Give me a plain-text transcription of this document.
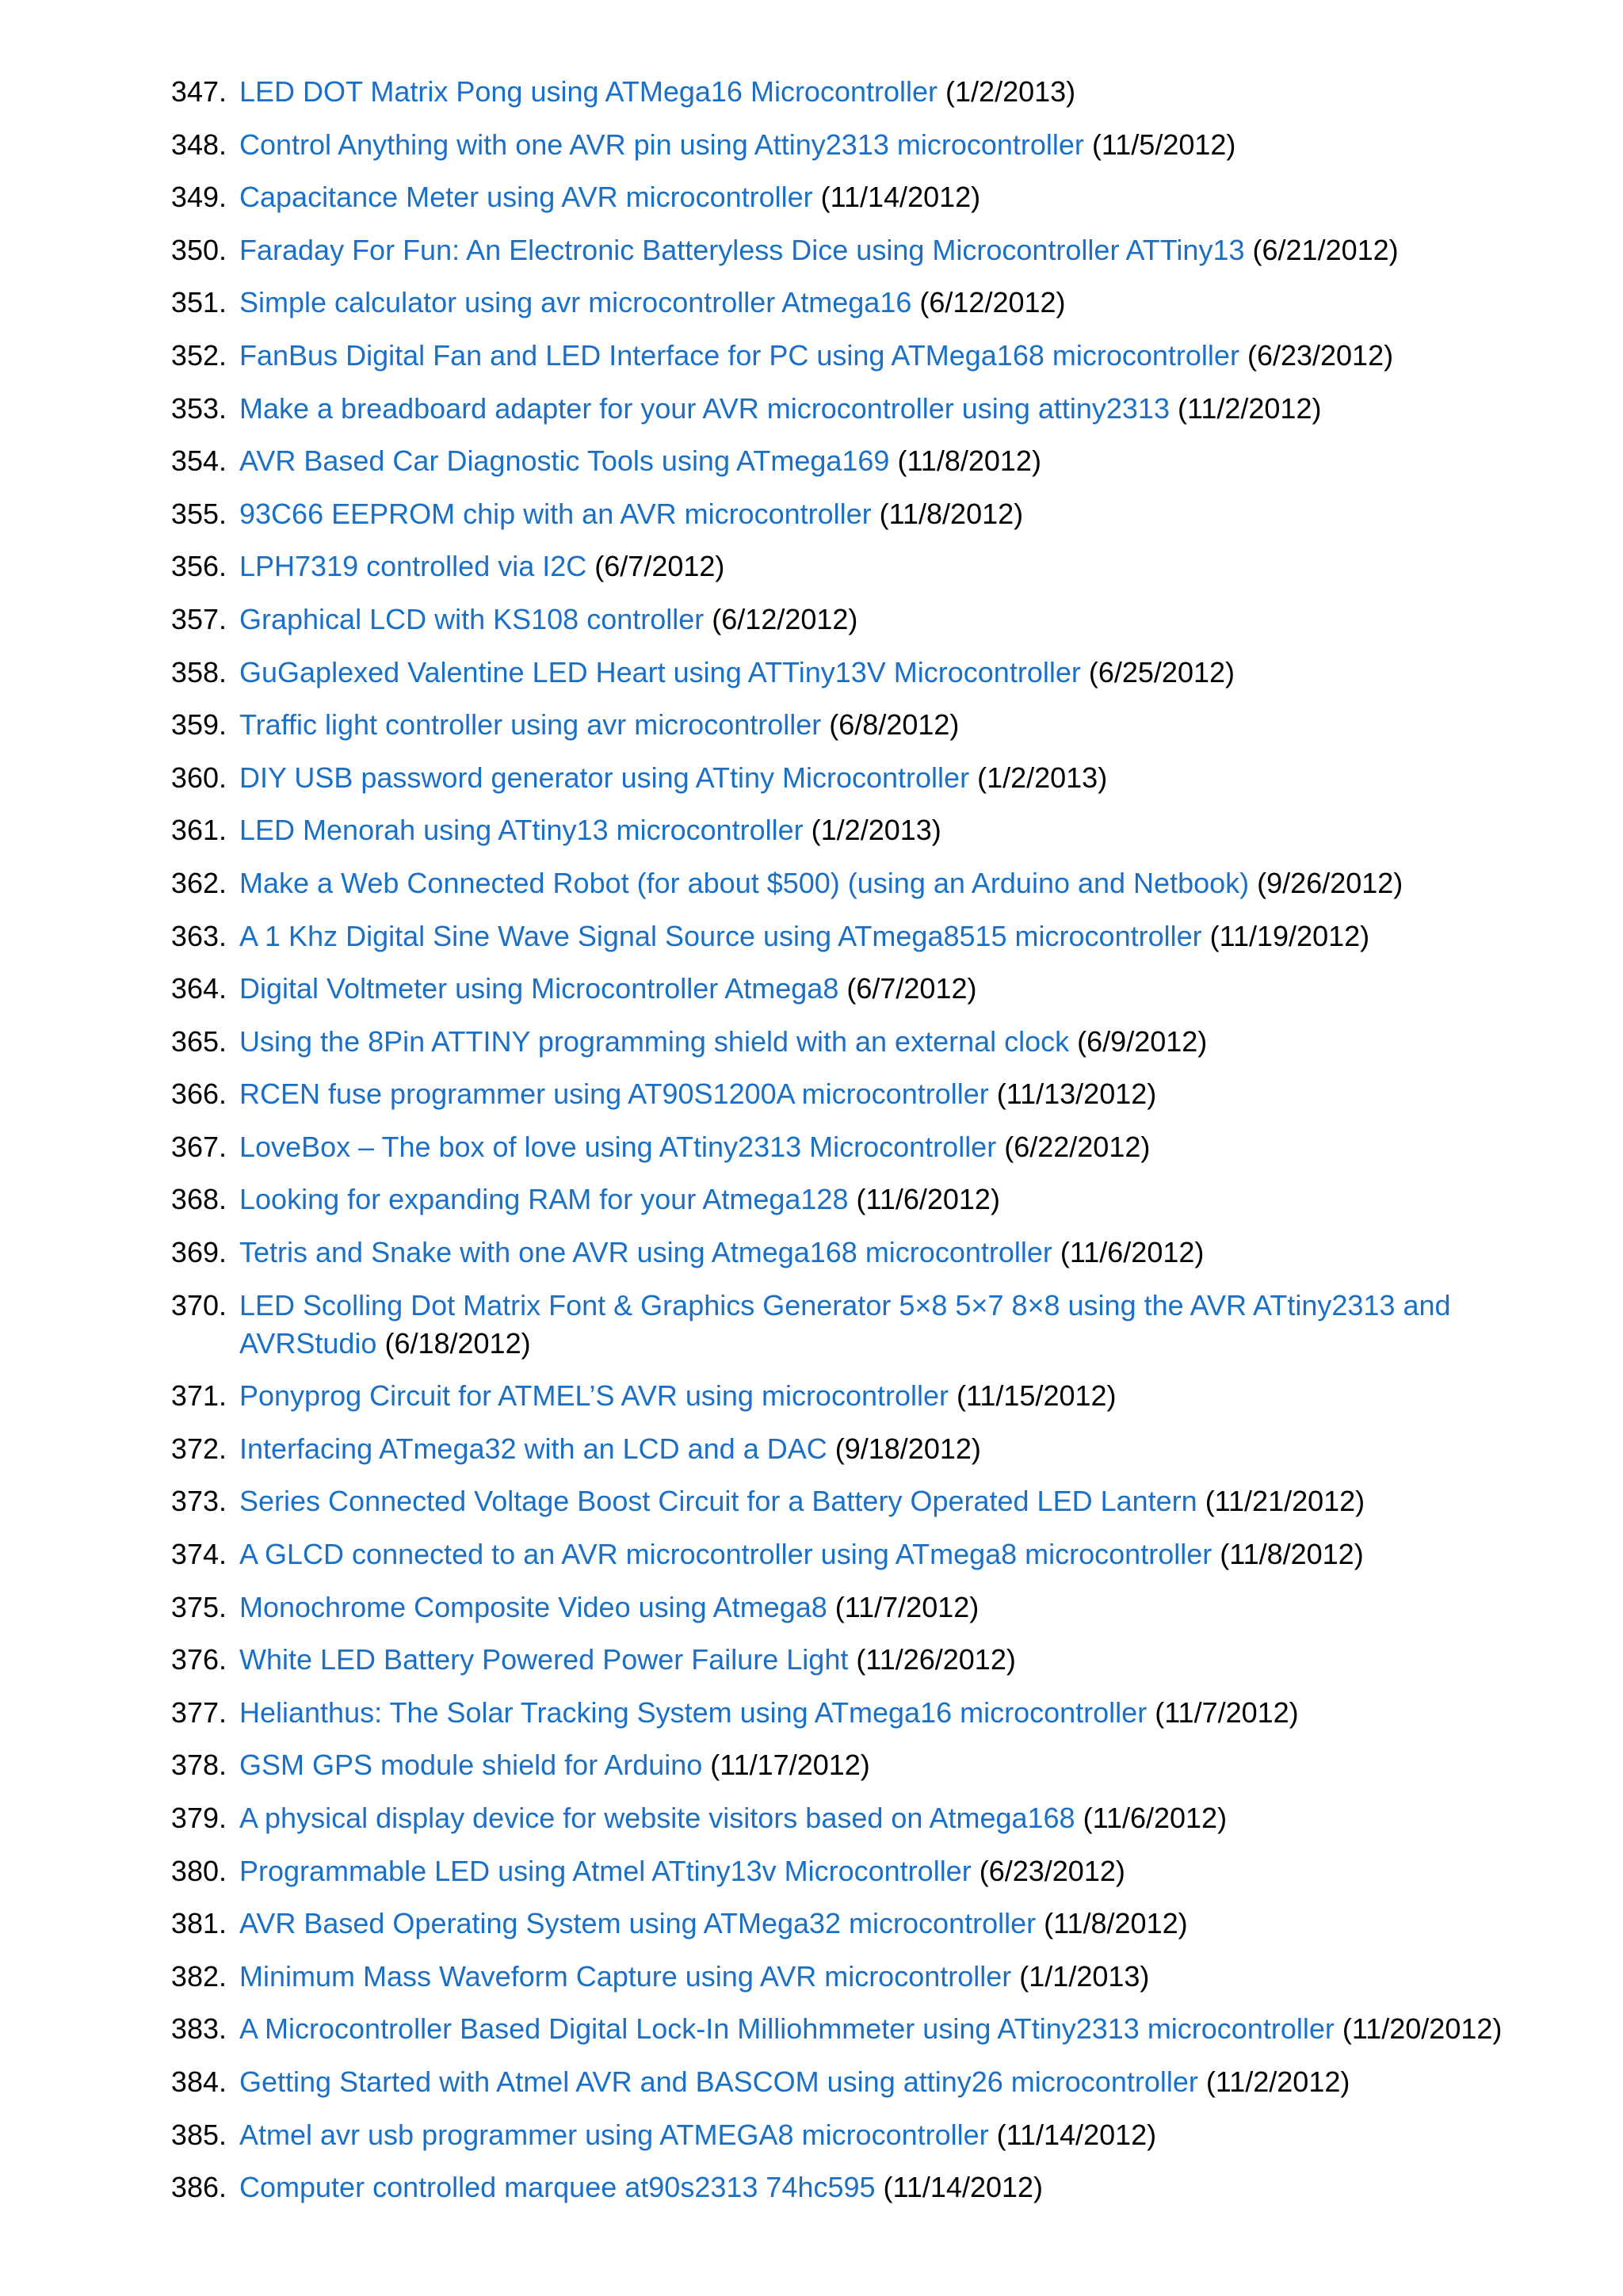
347. LED DOT Matrix Pong using ATMega16 Microcontroller (1/2/2013)
348. Control Anything with one AVR pin using Attiny2313 microcontroller (11/5/2012)
349. Capacitance Meter using AVR microcontroller (11/14/2012)
350. Faraday For Fun: An Electronic Batteryless Dice using Microcontroller ATTiny13 (6/21/2012)
351. Simple calculator using avr microcontroller Atmega16 (6/12/2012)
352. FanBus Digital Fan and LED Interface for PC using ATMega168 microcontroller (6/23/2012)
353. Make a breadboard adapter for your AVR microcontroller using attiny2313 (11/2/2012)
354. AVR Based Car Diagnostic Tools using ATmega169 (11/8/2012)
355. 93C66 EEPROM chip with an AVR microcontroller (11/8/2012)
356. LPH7319 controlled via I2C (6/7/2012)
357. Graphical LCD with KS108 controller (6/12/2012)
358. GuGaplexed Valentine LED Heart using ATTiny13V Microcontroller (6/25/2012)
359. Traffic light controller using avr microcontroller (6/8/2012)
360. DIY USB password generator using ATtiny Microcontroller (1/2/2013)
361. LED Menorah using ATtiny13 microcontroller (1/2/2013)
362. Make a Web Connected Robot (for about $500) (using an Arduino and Netbook) (9/26/2012)
363. A 1 Khz Digital Sine Wave Signal Source using ATmega8515 microcontroller (11/19/2012)
364. Digital Voltmeter using Microcontroller Atmega8 (6/7/2012)
365. Using the 8Pin ATTINY programming shield with an external clock (6/9/2012)
366. RCEN fuse programmer using AT90S1200A microcontroller (11/13/2012)
367. LoveBox – The box of love using ATtiny2313 Microcontroller (6/22/2012)
368. Looking for expanding RAM for your Atmega128 (11/6/2012)
369. Tetris and Snake with one AVR using Atmega168 microcontroller (11/6/2012)
370. LED Scolling Dot Matrix Font & Graphics Generator 5×8 5×7 8×8 using the AVR ATtiny2313 and AVRStudio (6/18/2012)
371. Ponyprog Circuit for ATMEL’S AVR using microcontroller (11/15/2012)
372. Interfacing ATmega32 with an LCD and a DAC (9/18/2012)
373. Series Connected Voltage Boost Circuit for a Battery Operated LED Lantern (11/21/2012)
374. A GLCD connected to an AVR microcontroller using ATmega8 microcontroller (11/8/2012)
375. Monochrome Composite Video using Atmega8 (11/7/2012)
376. White LED Battery Powered Power Failure Light (11/26/2012)
377. Helianthus: The Solar Tracking System using ATmega16 microcontroller (11/7/2012)
378. GSM GPS module shield for Arduino (11/17/2012)
379. A physical display device for website visitors based on Atmega168 (11/6/2012)
380. Programmable LED using Atmel ATtiny13v Microcontroller (6/23/2012)
381. AVR Based Operating System using ATMega32 microcontroller (11/8/2012)
382. Minimum Mass Waveform Capture using AVR microcontroller (1/1/2013)
383. A Microcontroller Based Digital Lock-In Milliohmmeter using ATtiny2313 microcontroller (11/20/2012)
384. Getting Started with Atmel AVR and BASCOM using attiny26 microcontroller (11/2/2012)
385. Atmel avr usb programmer using ATMEGA8 microcontroller (11/14/2012)
386. Computer controlled marquee at90s2313 74hc595 (11/14/2012)
